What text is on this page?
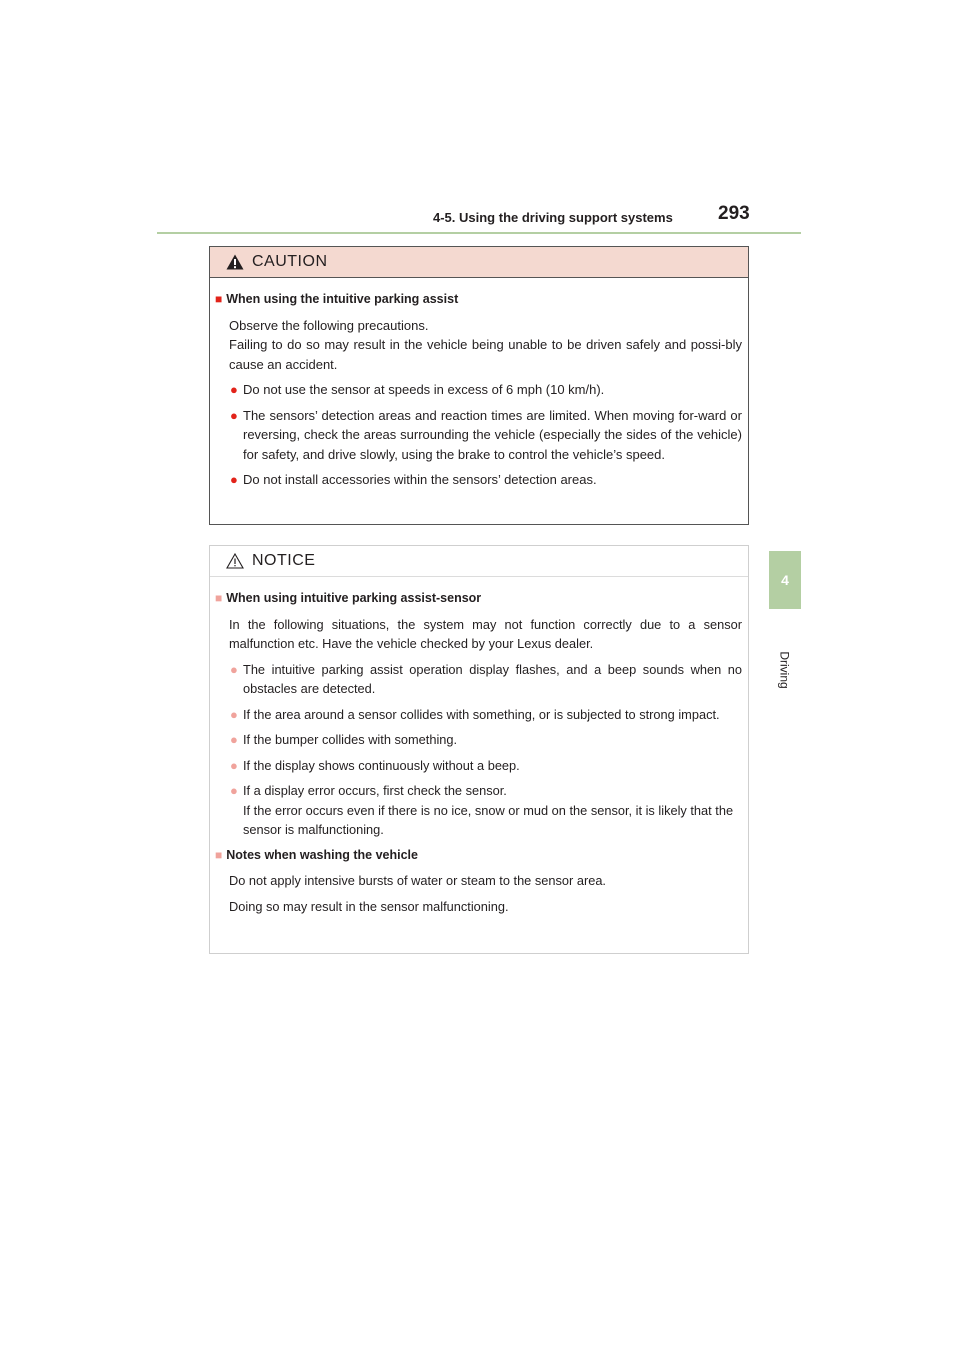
4-5. Using the driving support systems 293
4
Driving
CAUTION
■ When using the intuitive parking assist
Observe the following precautions.
Failing to do so may result in the vehicle being unable to be driven safely and possi-bly cause an accident.
● Do not use the sensor at speeds in excess of 6 mph (10 km/h).
● The sensors’ detection areas and reaction times are limited. When moving for-ward or reversing, check the areas surrounding the vehicle (especially the sides of the vehicle) for safety, and drive slowly, using the brake to control the vehicle’s speed.
● Do not install accessories within the sensors’ detection areas.
NOTICE
■ When using intuitive parking assist-sensor
In the following situations, the system may not function correctly due to a sensor malfunction etc. Have the vehicle checked by your Lexus dealer.
● The intuitive parking assist operation display flashes, and a beep sounds when no obstacles are detected.
● If the area around a sensor collides with something, or is subjected to strong impact.
● If the bumper collides with something.
● If the display shows continuously without a beep.
● If a display error occurs, first check the sensor.
If the error occurs even if there is no ice, snow or mud on the sensor, it is likely that the sensor is malfunctioning.
■ Notes when washing the vehicle
Do not apply intensive bursts of water or steam to the sensor area.
Doing so may result in the sensor malfunctioning.
